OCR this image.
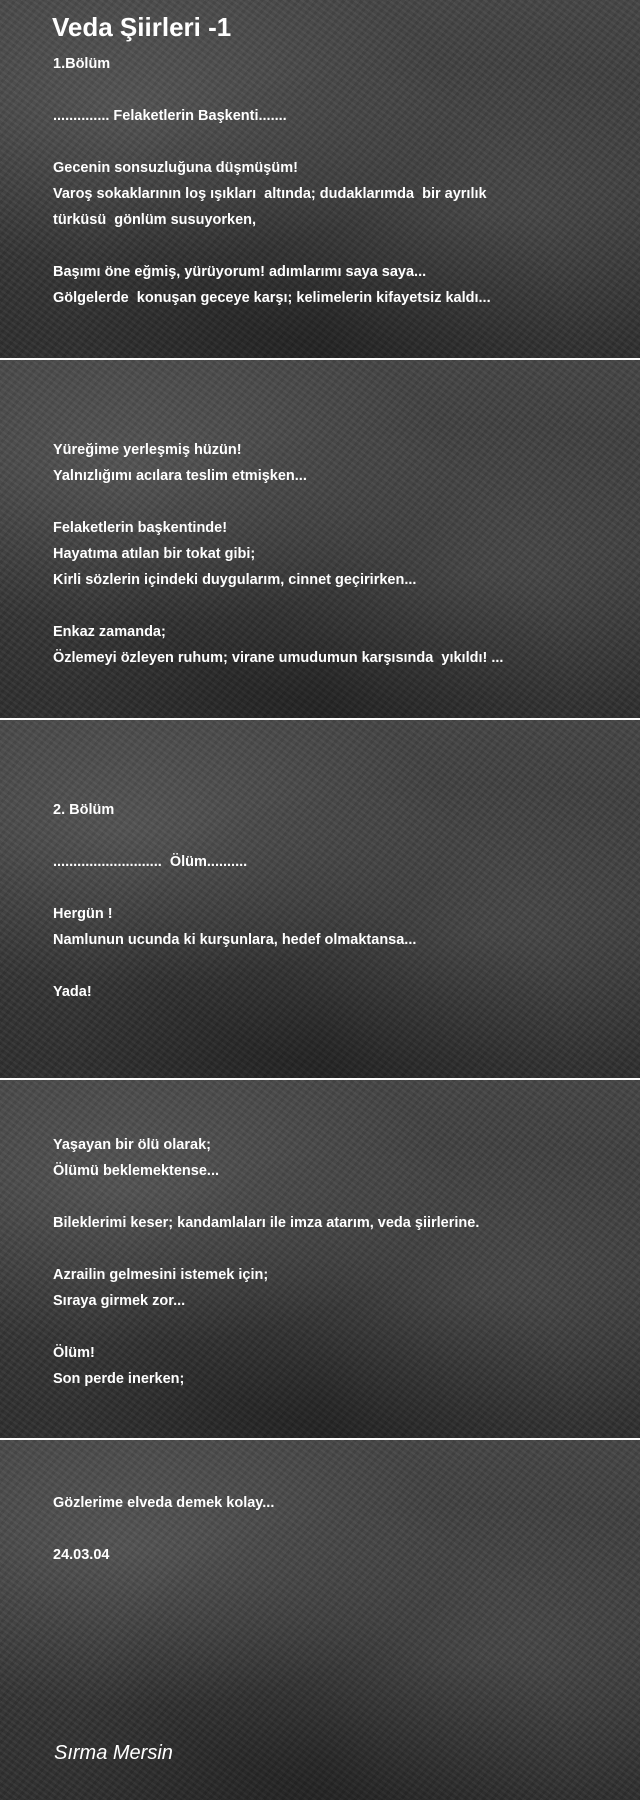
Veda Şiirleri -1
1.Bölüm
.............. Felaketlerin Başkenti.......
Gecenin sonsuzluğuna düşmüşüm!
Varoş sokaklarının loş ışıkları  altında; dudaklarımda  bir ayrılık
türküsü  gönlüm susuyorken,
Başımı öne eğmiş, yürüyorum! adımlarımı saya saya...
Gölgelerde  konuşan geceye karşı; kelimelerin kifayetsiz kaldı...
Yüreğime yerleşmiş hüzün!
Yalnızlığımı acılara teslim etmişken...
Felaketlerin başkentinde!
Hayatıma atılan bir tokat gibi;
Kirli sözlerin içindeki duygularım, cinnet geçirirken...
Enkaz zamanda;
Özlemeyi özleyen ruhum; virane umudumun karşısında  yıkıldı! ...
2. Bölüm
...........................  Ölüm..........
Hergün !
Namlunun ucunda ki kurşunlara, hedef olmaktansa...
Yada!
Yaşayan bir ölü olarak;
Ölümü beklemektense...
Bileklerimi keser; kandamlaları ile imza atarım, veda şiirlerine.
Azrailin gelmesini istemek için;
Sıraya girmek zor...
Ölüm!
Son perde inerken;
Gözlerime elveda demek kolay...
24.03.04
Sırma Mersin
